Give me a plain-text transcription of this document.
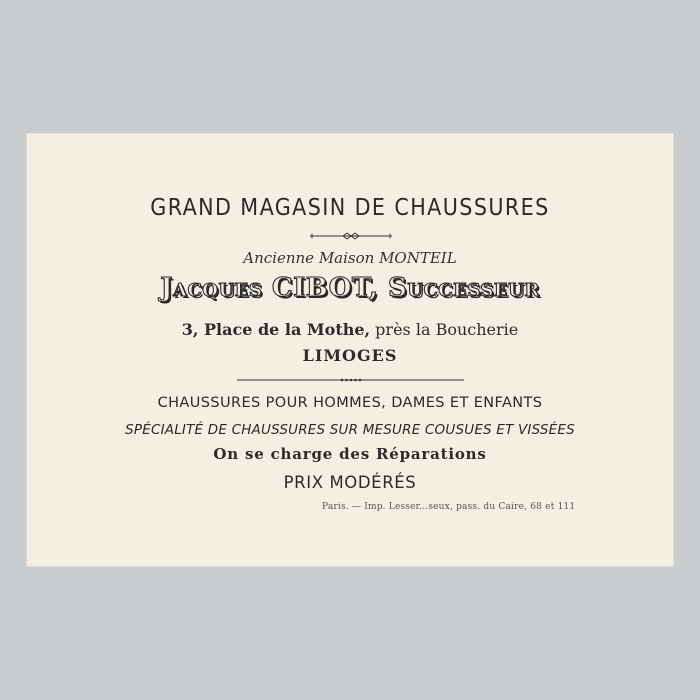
GRAND MAGASIN DE CHAUSSURES
Ancienne Maison MONTEIL
Jacques CIBOT, Successeur
3, Place de la Mothe, près la Boucherie
LIMOGES
CHAUSSURES POUR HOMMES, DAMES ET ENFANTS
SPÉCIALITÉ DE CHAUSSURES SUR MESURE COUSUES ET VISSÉES
On se charge des Réparations
PRIX MODÉRÉS
Paris. — Imp. Lesser...seux, pass. du Caire, 68 et 111
